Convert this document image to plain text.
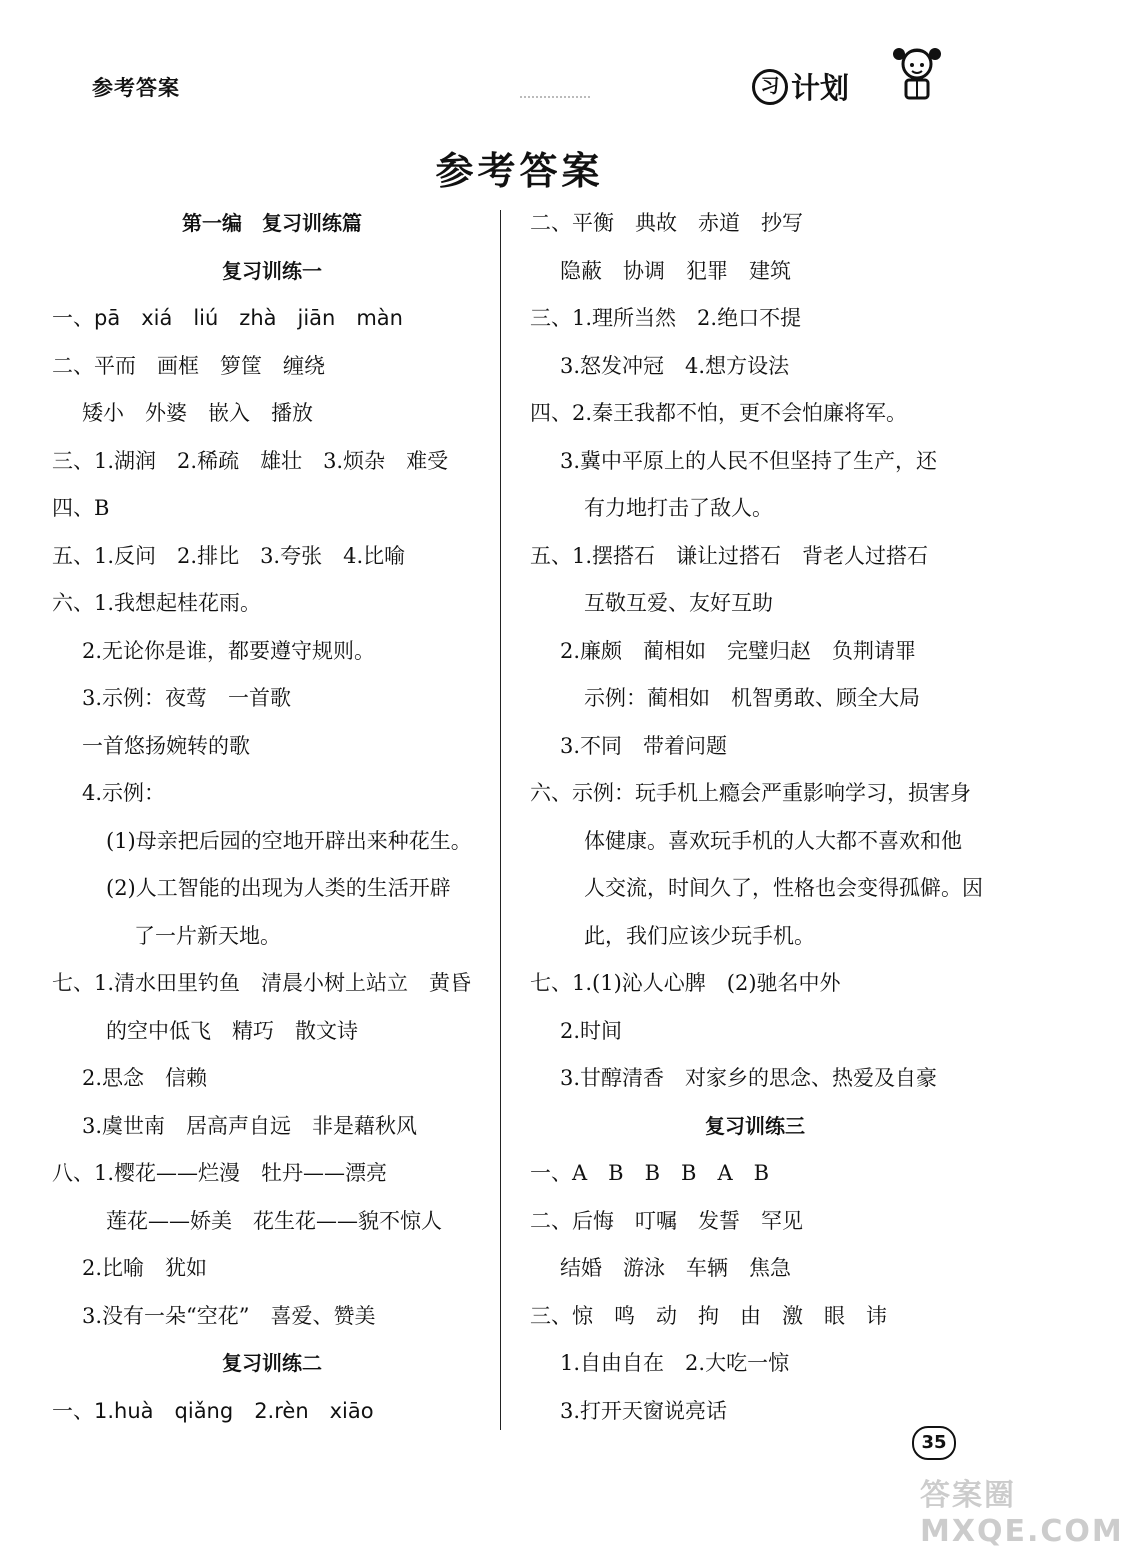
参考答案	习 计划
参考答案
第一编　复习训练篇
复习训练一
一、pā　xiá　liú　zhà　jiān　màn
二、平而　画框　箩筐　缠绕
矮小　外婆　嵌入　播放
三、1.湖润　2.稀疏　雄壮　3.烦杂　难受
四、B
五、1.反问　2.排比　3.夸张　4.比喻
六、1.我想起桂花雨。
2.无论你是谁，都要遵守规则。
3.示例：夜莺　一首歌
一首悠扬婉转的歌
4.示例：
(1)母亲把后园的空地开辟出来种花生。
(2)人工智能的出现为人类的生活开辟
了一片新天地。
七、1.清水田里钓鱼　清晨小树上站立　黄昏
的空中低飞　精巧　散文诗
2.思念　信赖
3.虞世南　居高声自远　非是藉秋风
八、1.樱花——烂漫　牡丹——漂亮
莲花——娇美　花生花——貌不惊人
2.比喻　犹如
3.没有一朵“空花”　喜爱、赞美
复习训练二
一、1.huà　qiǎng　2.rèn　xiāo
二、平衡　典故　赤道　抄写
隐蔽　协调　犯罪　建筑
三、1.理所当然　2.绝口不提
3.怒发冲冠　4.想方设法
四、2.秦王我都不怕，更不会怕廉将军。
3.冀中平原上的人民不但坚持了生产，还
有力地打击了敌人。
五、1.摆搭石　谦让过搭石　背老人过搭石
互敬互爱、友好互助
2.廉颇　蔺相如　完璧归赵　负荆请罪
示例：蔺相如　机智勇敢、顾全大局
3.不同　带着问题
六、示例：玩手机上瘾会严重影响学习，损害身
体健康。喜欢玩手机的人大都不喜欢和他
人交流，时间久了，性格也会变得孤僻。因
此，我们应该少玩手机。
七、1.(1)沁人心脾　(2)驰名中外
2.时间
3.甘醇清香　对家乡的思念、热爱及自豪
复习训练三
一、A　B　B　B　A　B
二、后悔　叮嘱　发誓　罕见
结婚　游泳　车辆　焦急
三、惊　鸣　动　拘　由　激　眼　讳
1.自由自在　2.大吃一惊
3.打开天窗说亮话
35
答案圈 MXQE.COM
